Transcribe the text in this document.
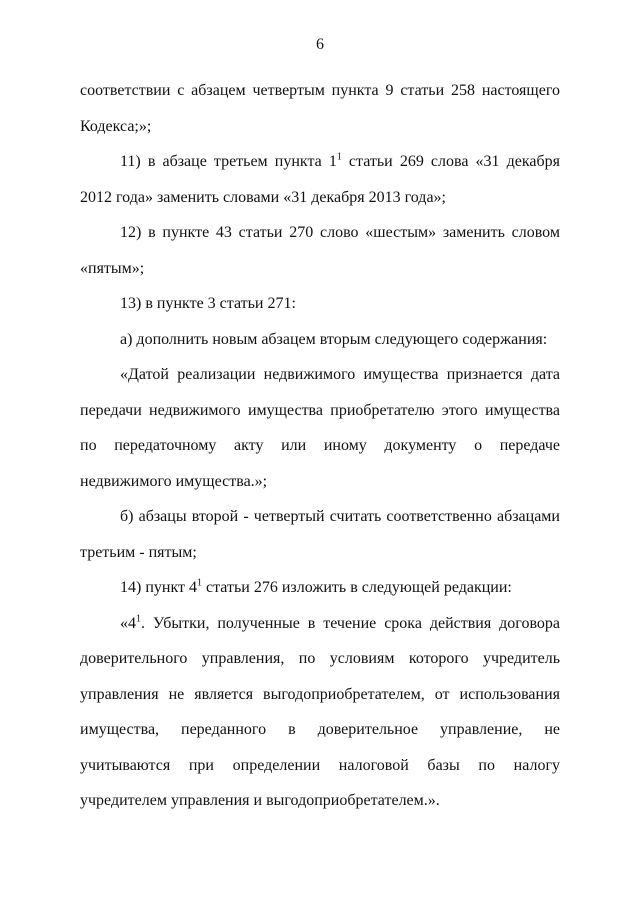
6

соответствии с абзацем четвертым пункта 9 статьи 258 настоящего Кодекса;»;

11) в абзаце третьем пункта $1^1$ статьи 269 слова «31 декабря 2012 года» заменить словами «31 декабря 2013 года»;

12) в пункте 43 статьи 270 слово «шестым» заменить словом «пятым»;

13) в пункте 3 статьи 271:

а) дополнить новым абзацем вторым следующего содержания:

«Датой реализации недвижимого имущества признается дата передачи недвижимого имущества приобретателю этого имущества по передаточному акту или иному документу о передаче недвижимого имущества.»;

б) абзацы второй - четвертый считать соответственно абзацами третьим - пятым;

14) пункт $4^1$ статьи 276 изложить в следующей редакции:

«$4^1$. Убытки, полученные в течение срока действия договора доверительного управления, по условиям которого учредитель управления не является выгодоприобретателем, от использования имущества, переданного в доверительное управление, не учитываются при определении налоговой базы по налогу учредителем управления и выгодоприобретателем.».
